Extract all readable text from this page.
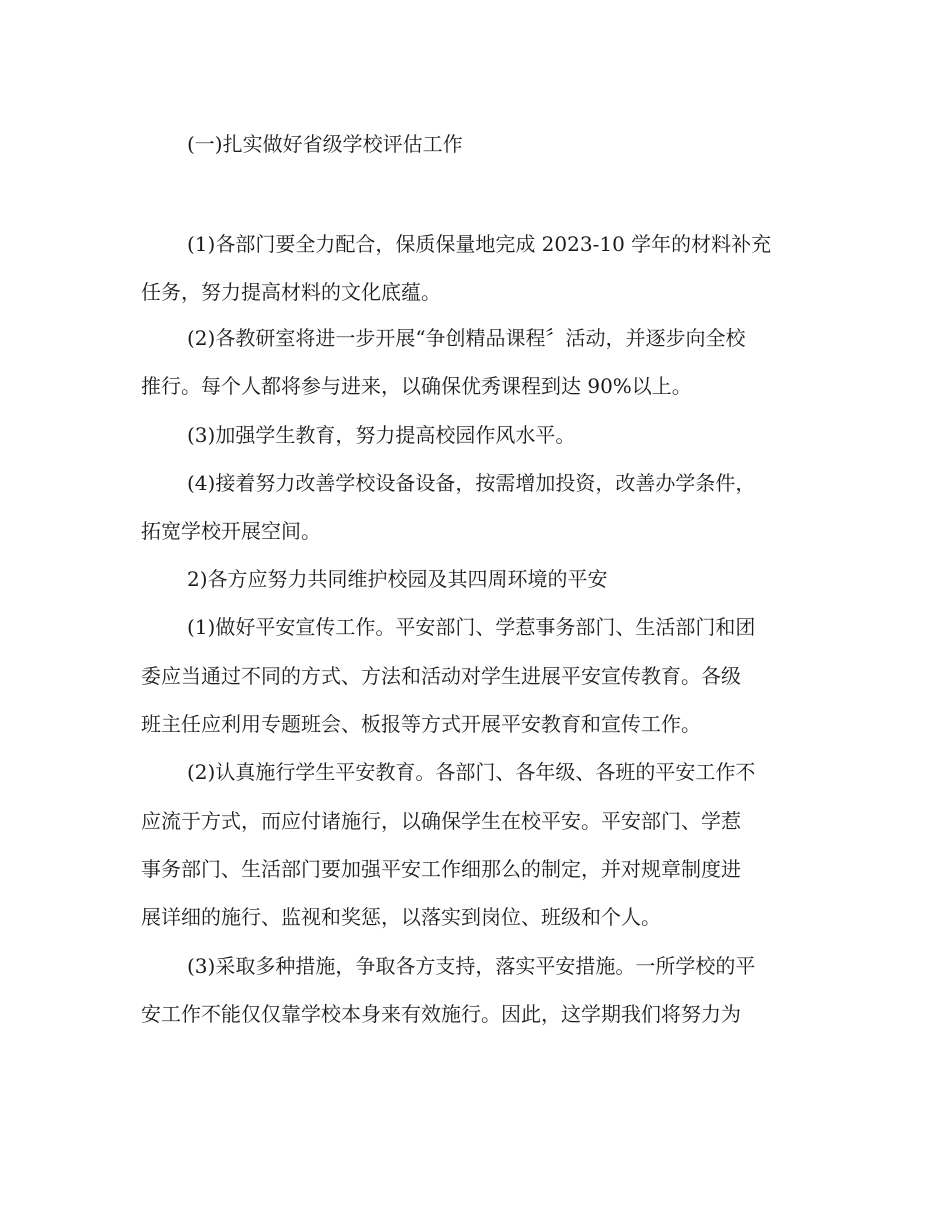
(一)扎实做好省级学校评估工作
(1)各部门要全力配合，保质保量地完成 2023-10 学年的材料补充
任务，努力提高材料的文化底蕴。
(2)各教研室将进一步开展“争创精品课程〞活动，并逐步向全校
推行。每个人都将参与进来，以确保优秀课程到达 90%以上。
(3)加强学生教育，努力提高校园作风水平。
(4)接着努力改善学校设备设备，按需增加投资，改善办学条件，
拓宽学校开展空间。
2)各方应努力共同维护校园及其四周环境的平安
(1)做好平安宣传工作。平安部门、学惹事务部门、生活部门和团
委应当通过不同的方式、方法和活动对学生进展平安宣传教育。各级
班主任应利用专题班会、板报等方式开展平安教育和宣传工作。
(2)认真施行学生平安教育。各部门、各年级、各班的平安工作不
应流于方式，而应付诸施行，以确保学生在校平安。平安部门、学惹
事务部门、生活部门要加强平安工作细那么的制定，并对规章制度进
展详细的施行、监视和奖惩，以落实到岗位、班级和个人。
(3)采取多种措施，争取各方支持，落实平安措施。一所学校的平
安工作不能仅仅靠学校本身来有效施行。因此，这学期我们将努力为
